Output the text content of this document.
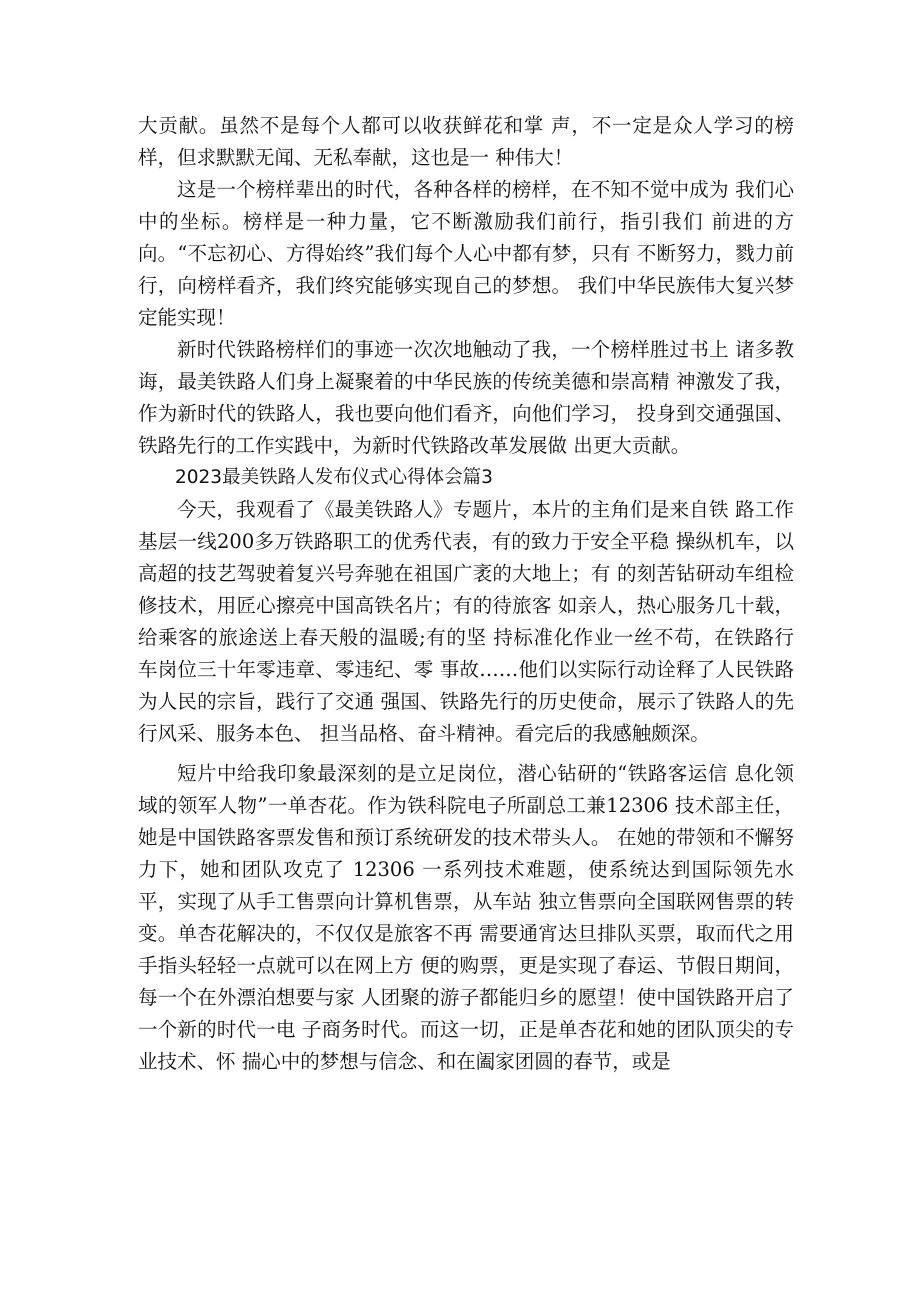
大贡献。虽然不是每个人都可以收获鲜花和掌 声，不一定是众人学习的榜样，但求默默无闻、无私奉献，这也是一 种伟大！

这是一个榜样辈出的时代，各种各样的榜样，在不知不觉中成为 我们心中的坐标。榜样是一种力量，它不断激励我们前行，指引我们 前进的方向。“不忘初心、方得始终”我们每个人心中都有梦，只有 不断努力，戮力前行，向榜样看齐，我们终究能够实现自己的梦想。 我们中华民族伟大复兴梦定能实现！

新时代铁路榜样们的事迹一次次地触动了我，一个榜样胜过书上 诸多教诲，最美铁路人们身上凝聚着的中华民族的传统美德和崇高精 神激发了我，作为新时代的铁路人，我也要向他们看齐，向他们学习， 投身到交通强国、铁路先行的工作实践中，为新时代铁路改革发展做 出更大贡献。

2023最美铁路人发布仪式心得体会篇3

今天，我观看了《最美铁路人》专题片，本片的主角们是来自铁 路工作基层一线200多万铁路职工的优秀代表，有的致力于安全平稳 操纵机车，以高超的技艺驾驶着复兴号奔驰在祖国广袤的大地上；有 的刻苦钻研动车组检修技术，用匠心擦亮中国高铁名片；有的待旅客 如亲人，热心服务几十载，给乘客的旅途送上春天般的温暖;有的坚 持标准化作业一丝不苟，在铁路行车岗位三十年零违章、零违纪、零 事故……他们以实际行动诠释了人民铁路为人民的宗旨，践行了交通 强国、铁路先行的历史使命，展示了铁路人的先行风采、服务本色、 担当品格、奋斗精神。看完后的我感触颇深。

短片中给我印象最深刻的是立足岗位，潜心钻研的“铁路客运信 息化领域的领军人物”一单杏花。作为铁科院电子所副总工兼12306 技术部主任，她是中国铁路客票发售和预订系统研发的技术带头人。 在她的带领和不懈努力下，她和团队攻克了 12306 一系列技术难题，使系统达到国际领先水平，实现了从手工售票向计算机售票，从车站 独立售票向全国联网售票的转变。单杏花解决的，不仅仅是旅客不再 需要通宵达旦排队买票，取而代之用手指头轻轻一点就可以在网上方 便的购票，更是实现了春运、节假日期间，每一个在外漂泊想要与家 人团聚的游子都能归乡的愿望！使中国铁路开启了一个新的时代一电 子商务时代。而这一切，正是单杏花和她的团队顶尖的专业技术、怀 揣心中的梦想与信念、和在阖家团圆的春节，或是
